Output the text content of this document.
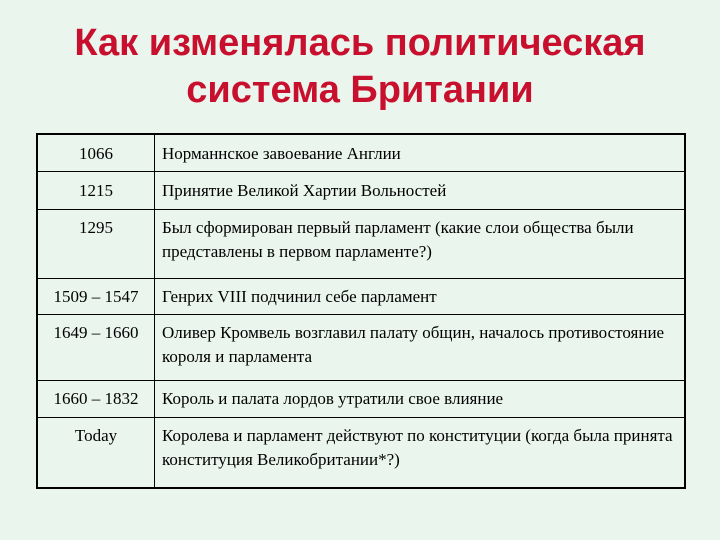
Как изменялась политическая
система Британии
1066	Норманнское завоевание Англии
1215	Принятие Великой Хартии Вольностей
1295	Был сформирован первый парламент (какие слои общества были представлены в первом парламенте?)
1509 – 1547	Генрих VIII подчинил себе парламент
1649 – 1660	Оливер Кромвель возглавил палату общин, началось противостояние короля и парламента
1660 – 1832	Король и палата лордов утратили свое влияние
Today	Королева и парламент действуют по конституции (когда была принята конституция Великобритании*?)
